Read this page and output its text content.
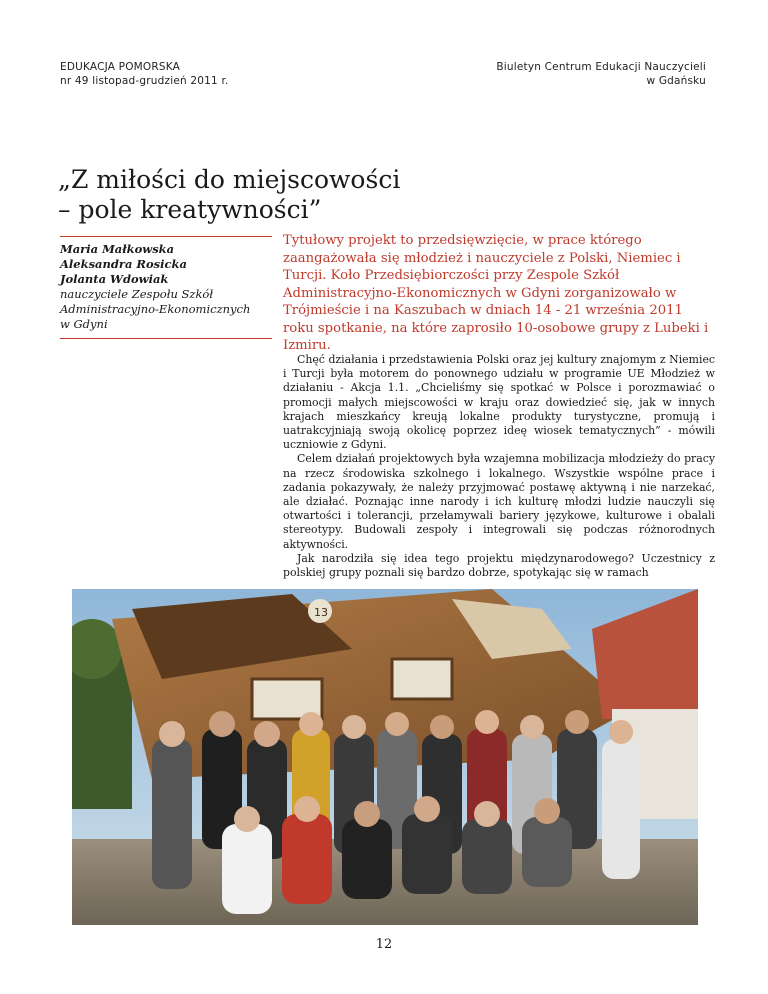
EDUKACJA POMORSKA
nr 49 listopad-grudzień 2011 r.
Biuletyn Centrum Edukacji Nauczycieli
w Gdańsku
„Z miłości do miejscowości
– pole kreatywności”
Maria Małkowska
Aleksandra Rosicka
Jolanta Wdowiak
nauczyciele Zespołu Szkół
Administracyjno-Ekonomicznych
w Gdyni
Tytułowy projekt to przedsięwzięcie, w prace którego zaangażowała się młodzież i nauczyciele z Polski, Niemiec i Turcji. Koło Przedsiębiorczości przy Zespole Szkół Administracyjno-Ekonomicznych w Gdyni zorganizowało w Trójmieście i na Kaszubach w dniach 14 - 21 września 2011 roku spotkanie, na które zaprosiło 10-osobowe grupy z Lubeki i Izmiru.

Chęć działania i przedstawienia Polski oraz jej kultury znajomym z Niemiec i Turcji była motorem do ponownego udziału w programie UE Młodzież w działaniu - Akcja 1.1. „Chcieliśmy się spotkać w Polsce i porozmawiać o promocji małych miejscowości w kraju oraz dowiedzieć się, jak w innych krajach mieszkańcy kreują lokalne produkty turystyczne, promują i uatrakcyjniają swoją okolicę poprzez ideę wiosek tematycznych” - mówili uczniowie z Gdyni.

Celem działań projektowych była wzajemna mobilizacja młodzieży do pracy na rzecz środowiska szkolnego i lokalnego. Wszystkie wspólne prace i zadania pokazywały, że należy przyjmować postawę aktywną i nie narzekać, ale działać. Poznając inne narody i ich kulturę młodzi ludzie nauczyli się otwartości i tolerancji, przełamywali bariery językowe, kulturowe i obalali stereotypy. Budowali zespoły i integrowali się podczas różnorodnych aktywności.

Jak narodziła się idea tego projektu międzynarodowego? Uczestnicy z polskiej grupy poznali się bardzo dobrze, spotykając się w ramach

13
12
